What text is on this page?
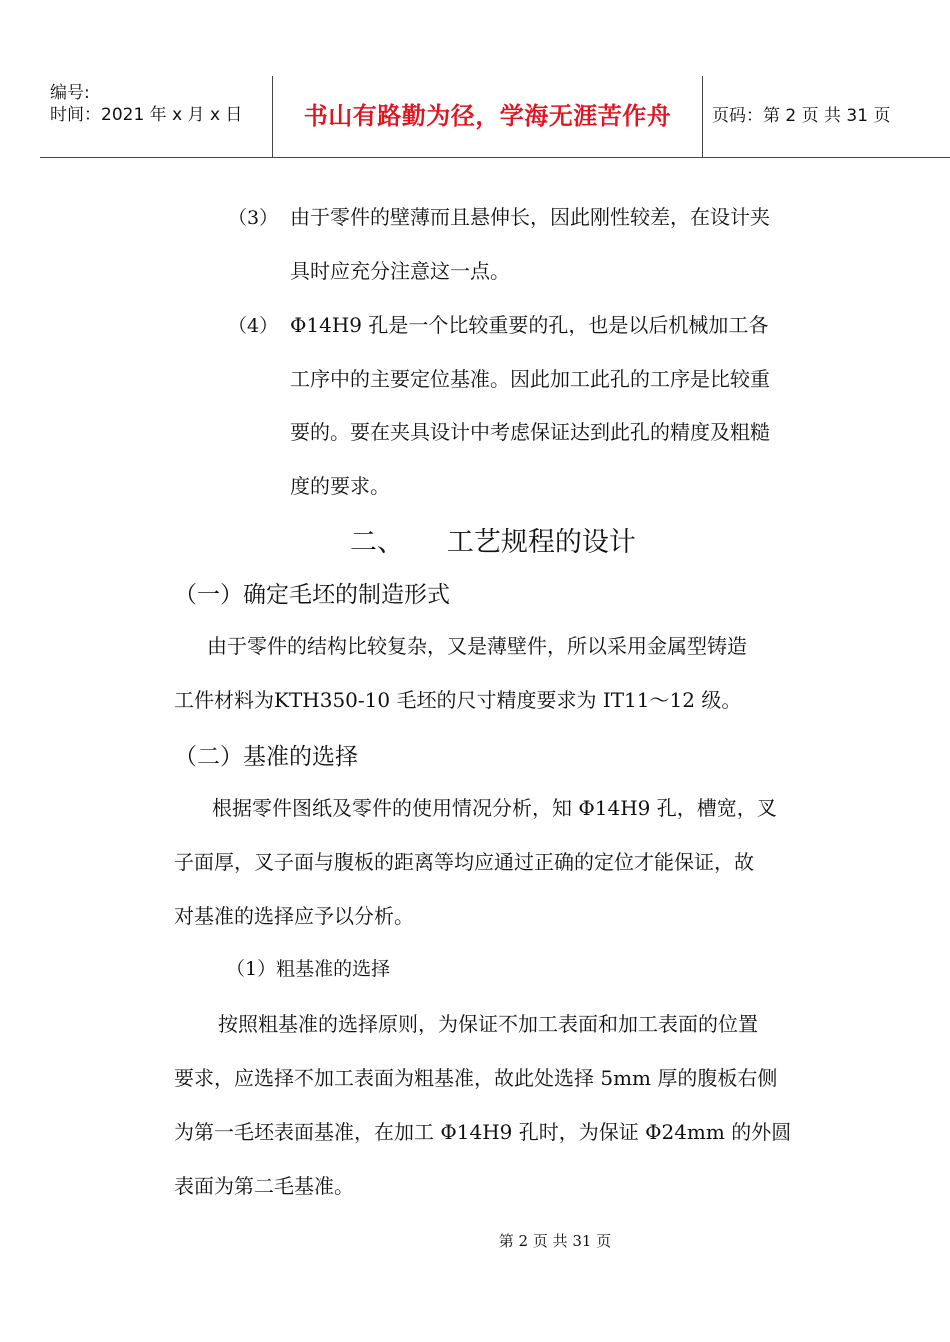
编号:
时间：2021 年 x 月 x 日	书山有路勤为径，学海无涯苦作舟	页码：第 2 页 共 31 页
（3） 由于零件的壁薄而且悬伸长，因此刚性较差，在设计夹
具时应充分注意这一点。
（4） Φ14H9 孔是一个比较重要的孔，也是以后机械加工各
工序中的主要定位基准。因此加工此孔的工序是比较重
要的。要在夹具设计中考虑保证达到此孔的精度及粗糙
度的要求。
二、     工艺规程的设计
（一）确定毛坯的制造形式
由于零件的结构比较复杂，又是薄壁件，所以采用金属型铸造
工件材料为KTH350-10 毛坯的尺寸精度要求为 IT11～12 级。
（二）基准的选择
根据零件图纸及零件的使用情况分析，知 Φ14H9 孔，槽宽，叉
子面厚，叉子面与腹板的距离等均应通过正确的定位才能保证，故
对基准的选择应予以分析。
（1）粗基准的选择
按照粗基准的选择原则，为保证不加工表面和加工表面的位置
要求，应选择不加工表面为粗基准，故此处选择 5mm 厚的腹板右侧
为第一毛坯表面基准，在加工 Φ14H9 孔时，为保证 Φ24mm 的外圆
表面为第二毛基准。
第 2 页 共 31 页
